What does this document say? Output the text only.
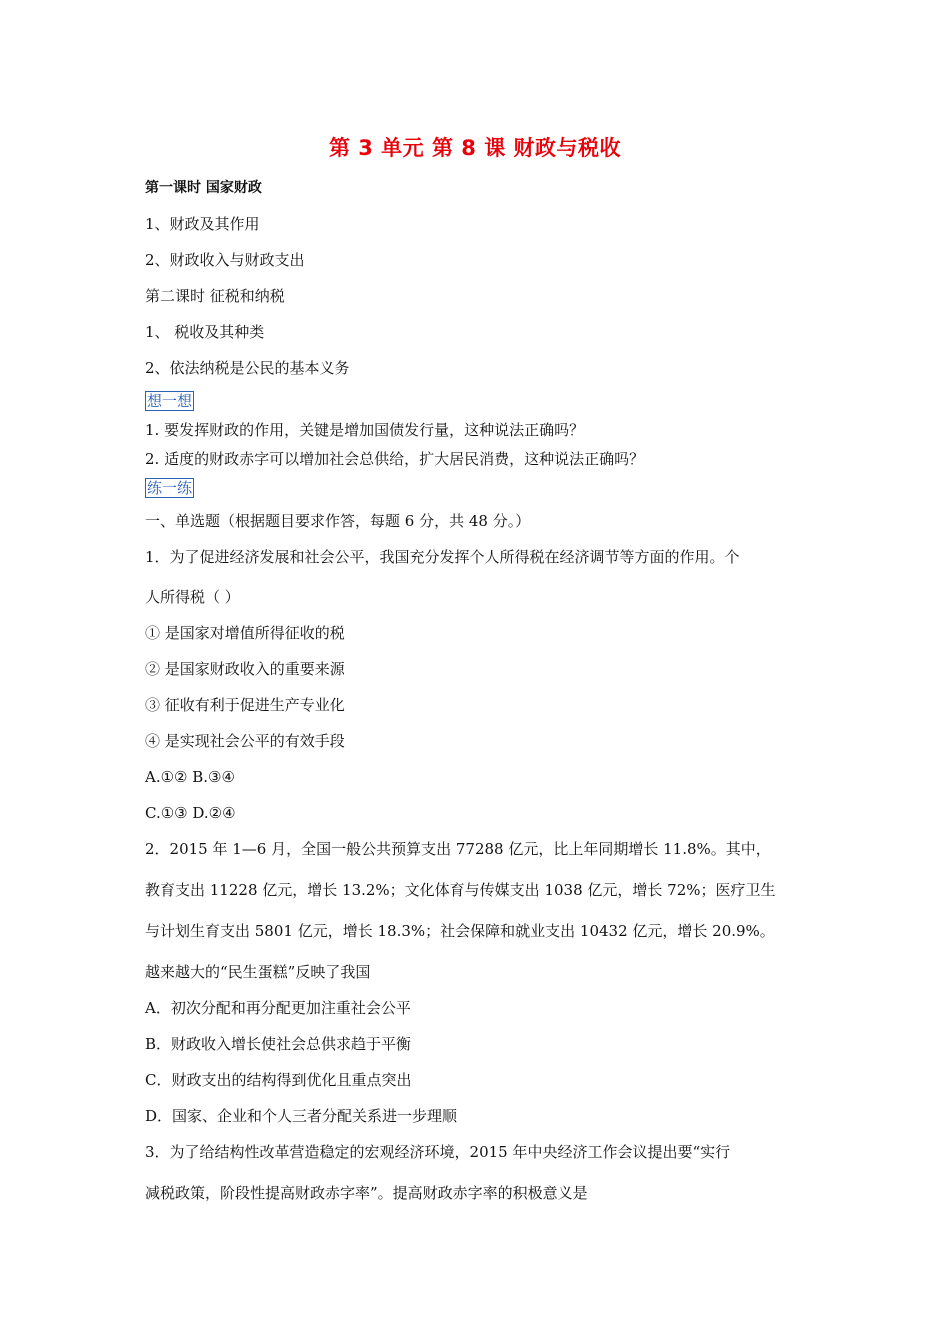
第 3 单元 第 8 课 财政与税收
第一课时 国家财政
1、财政及其作用
2、财政收入与财政支出
第二课时 征税和纳税
1、 税收及其种类
2、依法纳税是公民的基本义务
想一想
1. 要发挥财政的作用，关键是增加国债发行量，这种说法正确吗？
2. 适度的财政赤字可以增加社会总供给，扩大居民消费，这种说法正确吗？
练一练
一、单选题（根据题目要求作答，每题 6 分，共 48 分。）
1．为了促进经济发展和社会公平，我国充分发挥个人所得税在经济调节等方面的作用。个
人所得税（ ）
① 是国家对增值所得征收的税
② 是国家财政收入的重要来源
③ 征收有利于促进生产专业化
④ 是实现社会公平的有效手段
A.①② B.③④
C.①③ D.②④
2．2015 年 1—6 月，全国一般公共预算支出 77288 亿元，比上年同期增长 11.8%。其中，
教育支出 11228 亿元，增长 13.2%；文化体育与传媒支出 1038 亿元，增长 72%；医疗卫生
与计划生育支出 5801 亿元，增长 18.3%；社会保障和就业支出 10432 亿元，增长 20.9%。
越来越大的“民生蛋糕”反映了我国
A．初次分配和再分配更加注重社会公平
B．财政收入增长使社会总供求趋于平衡
C．财政支出的结构得到优化且重点突出
D．国家、企业和个人三者分配关系进一步理顺
3．为了给结构性改革营造稳定的宏观经济环境，2015 年中央经济工作会议提出要“实行
减税政策，阶段性提高财政赤字率”。提高财政赤字率的积极意义是
